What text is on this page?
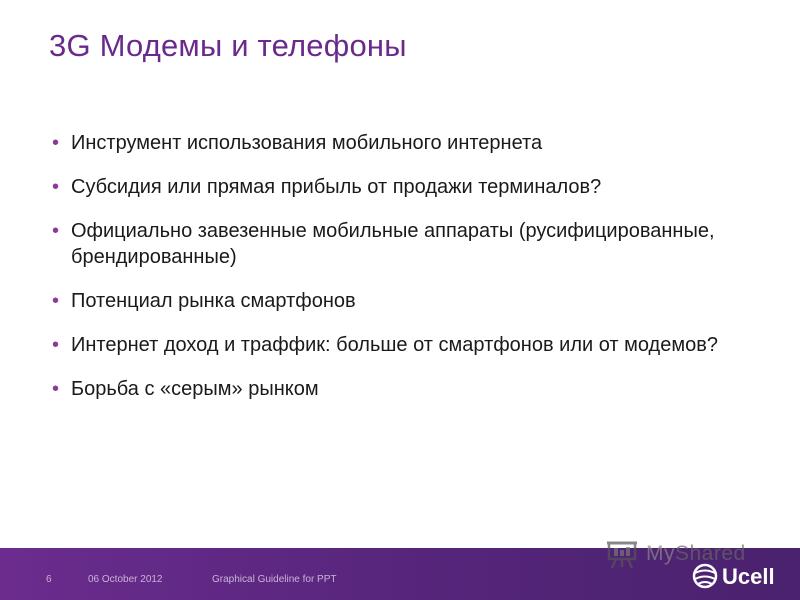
3G Модемы и телефоны
• Инструмент использования мобильного интернета
• Субсидия или прямая прибыль от продажи терминалов?
• Официально завезенные мобильные аппараты (русифицированные, брендированные)
• Потенциал рынка смартфонов
• Интернет доход и траффик: больше от смартфонов или от модемов?
• Борьба с «серым» рынком
6	06 October 2012	Graphical Guideline for PPT
MyShared
Ucell
